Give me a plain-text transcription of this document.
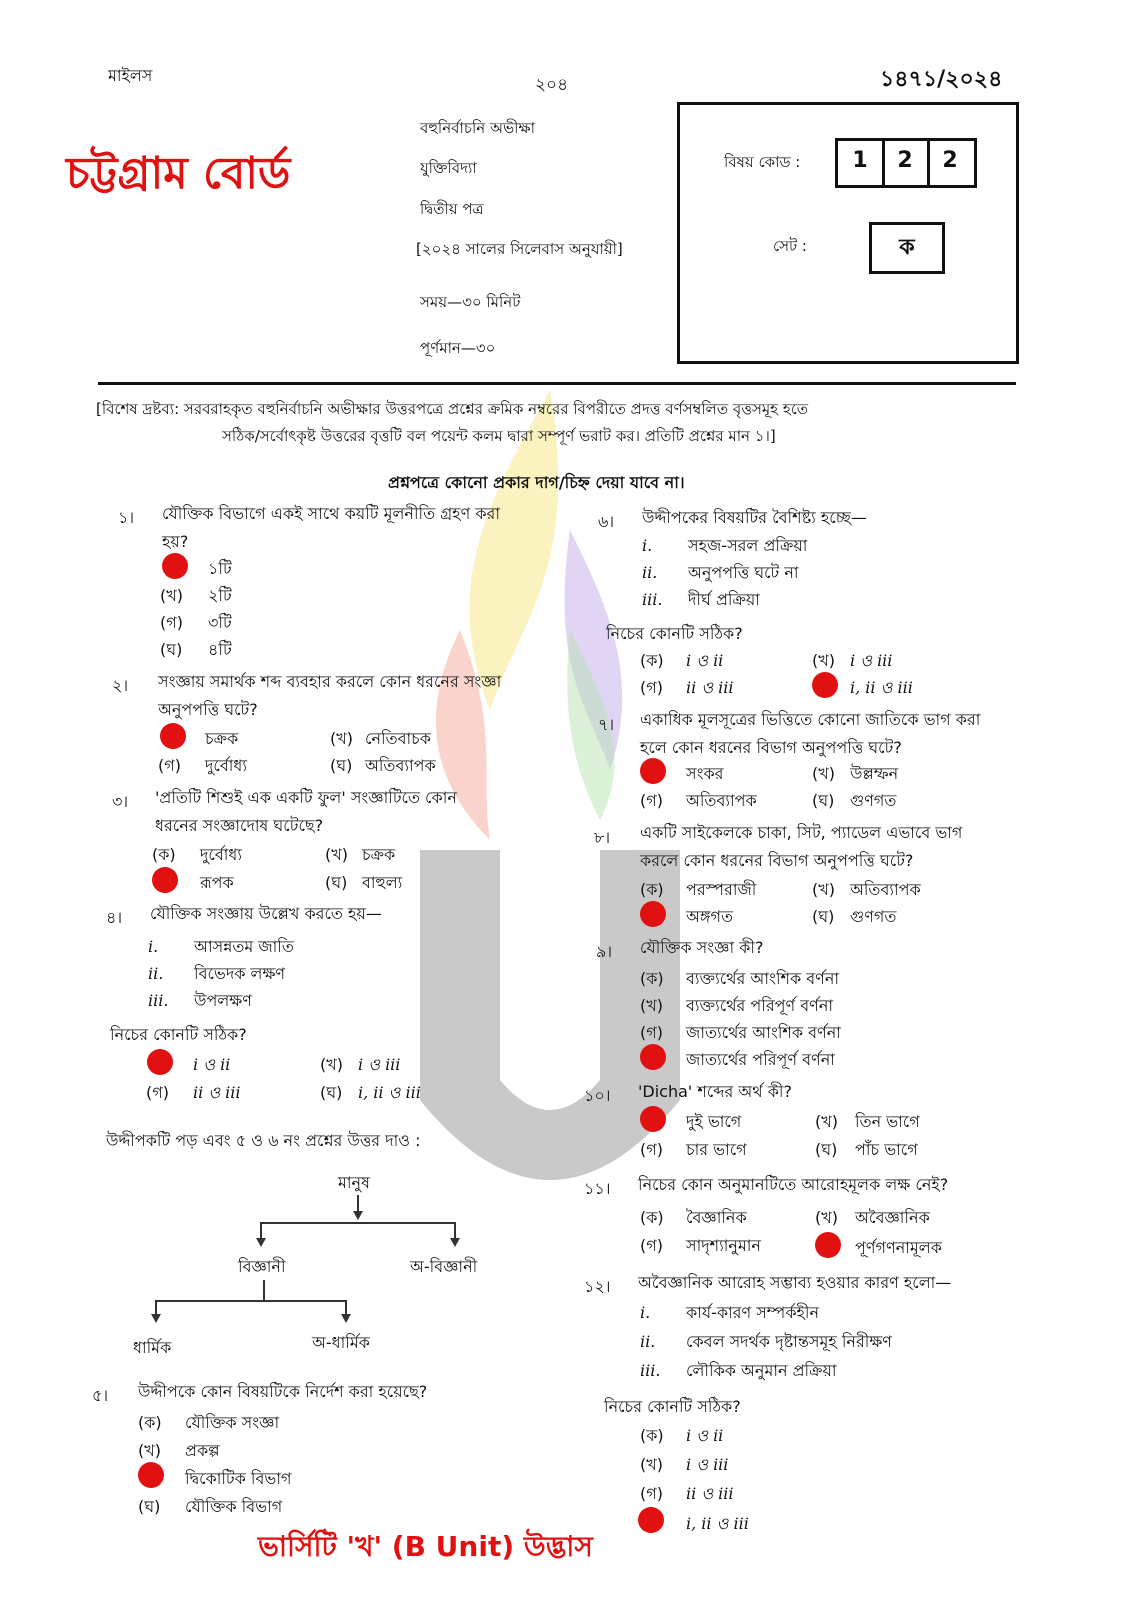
মাইলস	২০৪	১৪৭১/২০২৪
চট্টগ্রাম বোর্ড
বহুনির্বাচনি অভীক্ষা
যুক্তিবিদ্যা
দ্বিতীয় পত্র
[২০২৪ সালের সিলেবাস অনুযায়ী]
সময়—৩০ মিনিট
পূর্ণমান—৩০
বিষয় কোড :	1	2	2
সেট :	ক
[বিশেষ দ্রষ্টব্য: সরবরাহকৃত বহুনির্বাচনি অভীক্ষার উত্তরপত্রে প্রশ্নের ক্রমিক নম্বরের বিপরীতে প্রদত্ত বর্ণসম্বলিত বৃত্তসমূহ হতে
সঠিক/সর্বোৎকৃষ্ট উত্তরের বৃত্তটি বল পয়েন্ট কলম দ্বারা সম্পূর্ণ ভরাট কর। প্রতিটি প্রশ্নের মান ১।]
প্রশ্নপত্রে কোনো প্রকার দাগ/চিহ্ন দেয়া যাবে না।
১। যৌক্তিক বিভাগে একই সাথে কয়টি মূলনীতি গ্রহণ করা
হয়?
১টি
(খ) ২টি
(গ) ৩টি
(ঘ) ৪টি
২। সংজ্ঞায় সমার্থক শব্দ ব্যবহার করলে কোন ধরনের সংজ্ঞা
অনুপপত্তি ঘটে?
চক্রক	(খ) নেতিবাচক
(গ) দুর্বোধ্য	(ঘ) অতিব্যাপক
৩। 'প্রতিটি শিশুই এক একটি ফুল' সংজ্ঞাটিতে কোন
ধরনের সংজ্ঞাদোষ ঘটেছে?
(ক) দুর্বোধ্য	(খ) চক্রক
রূপক	(ঘ) বাহুল্য
৪। যৌক্তিক সংজ্ঞায় উল্লেখ করতে হয়—
i. আসন্নতম জাতি
ii. বিভেদক লক্ষণ
iii. উপলক্ষণ
নিচের কোনটি সঠিক?
i ও ii	(খ) i ও iii
(গ) ii ও iii	(ঘ) i, ii ও iii
উদ্দীপকটি পড় এবং ৫ ও ৬ নং প্রশ্নের উত্তর দাও :
মানুষ
বিজ্ঞানী	অ-বিজ্ঞানী
ধার্মিক	অ-ধার্মিক
৫। উদ্দীপকে কোন বিষয়টিকে নির্দেশ করা হয়েছে?
(ক) যৌক্তিক সংজ্ঞা
(খ) প্রকল্প
দ্বিকোটিক বিভাগ
(ঘ) যৌক্তিক বিভাগ
৬। উদ্দীপকের বিষয়টির বৈশিষ্ট্য হচ্ছে—
i. সহজ-সরল প্রক্রিয়া
ii. অনুপপত্তি ঘটে না
iii. দীর্ঘ প্রক্রিয়া
নিচের কোনটি সঠিক?
(ক) i ও ii	(খ) i ও iii
(গ) ii ও iii	i, ii ও iii
৭। একাধিক মূলসূত্রের ভিত্তিতে কোনো জাতিকে ভাগ করা
হলে কোন ধরনের বিভাগ অনুপপত্তি ঘটে?
সংকর	(খ) উল্লম্ফন
(গ) অতিব্যাপক	(ঘ) গুণগত
৮। একটি সাইকেলকে চাকা, সিট, প্যাডেল এভাবে ভাগ
করলে কোন ধরনের বিভাগ অনুপপত্তি ঘটে?
(ক) পরস্পরাজী	(খ) অতিব্যাপক
অঙ্গগত	(ঘ) গুণগত
৯। যৌক্তিক সংজ্ঞা কী?
(ক) ব্যক্ত্যর্থের আংশিক বর্ণনা
(খ) ব্যক্ত্যর্থের পরিপূর্ণ বর্ণনা
(গ) জাত্যর্থের আংশিক বর্ণনা
জাত্যর্থের পরিপূর্ণ বর্ণনা
১০। 'Dicha' শব্দের অর্থ কী?
দুই ভাগে	(খ) তিন ভাগে
(গ) চার ভাগে	(ঘ) পাঁচ ভাগে
১১। নিচের কোন অনুমানটিতে আরোহমূলক লক্ষ নেই?
(ক) বৈজ্ঞানিক	(খ) অবৈজ্ঞানিক
(গ) সাদৃশ্যানুমান	পূর্ণগণনামূলক
১২। অবৈজ্ঞানিক আরোহ সম্ভাব্য হওয়ার কারণ হলো—
i. কার্য-কারণ সম্পর্কহীন
ii. কেবল সদর্থক দৃষ্টান্তসমূহ নিরীক্ষণ
iii. লৌকিক অনুমান প্রক্রিয়া
নিচের কোনটি সঠিক?
(ক) i ও ii
(খ) i ও iii
(গ) ii ও iii
i, ii ও iii
ভার্সিটি 'খ' (B Unit) উদ্ভাস
